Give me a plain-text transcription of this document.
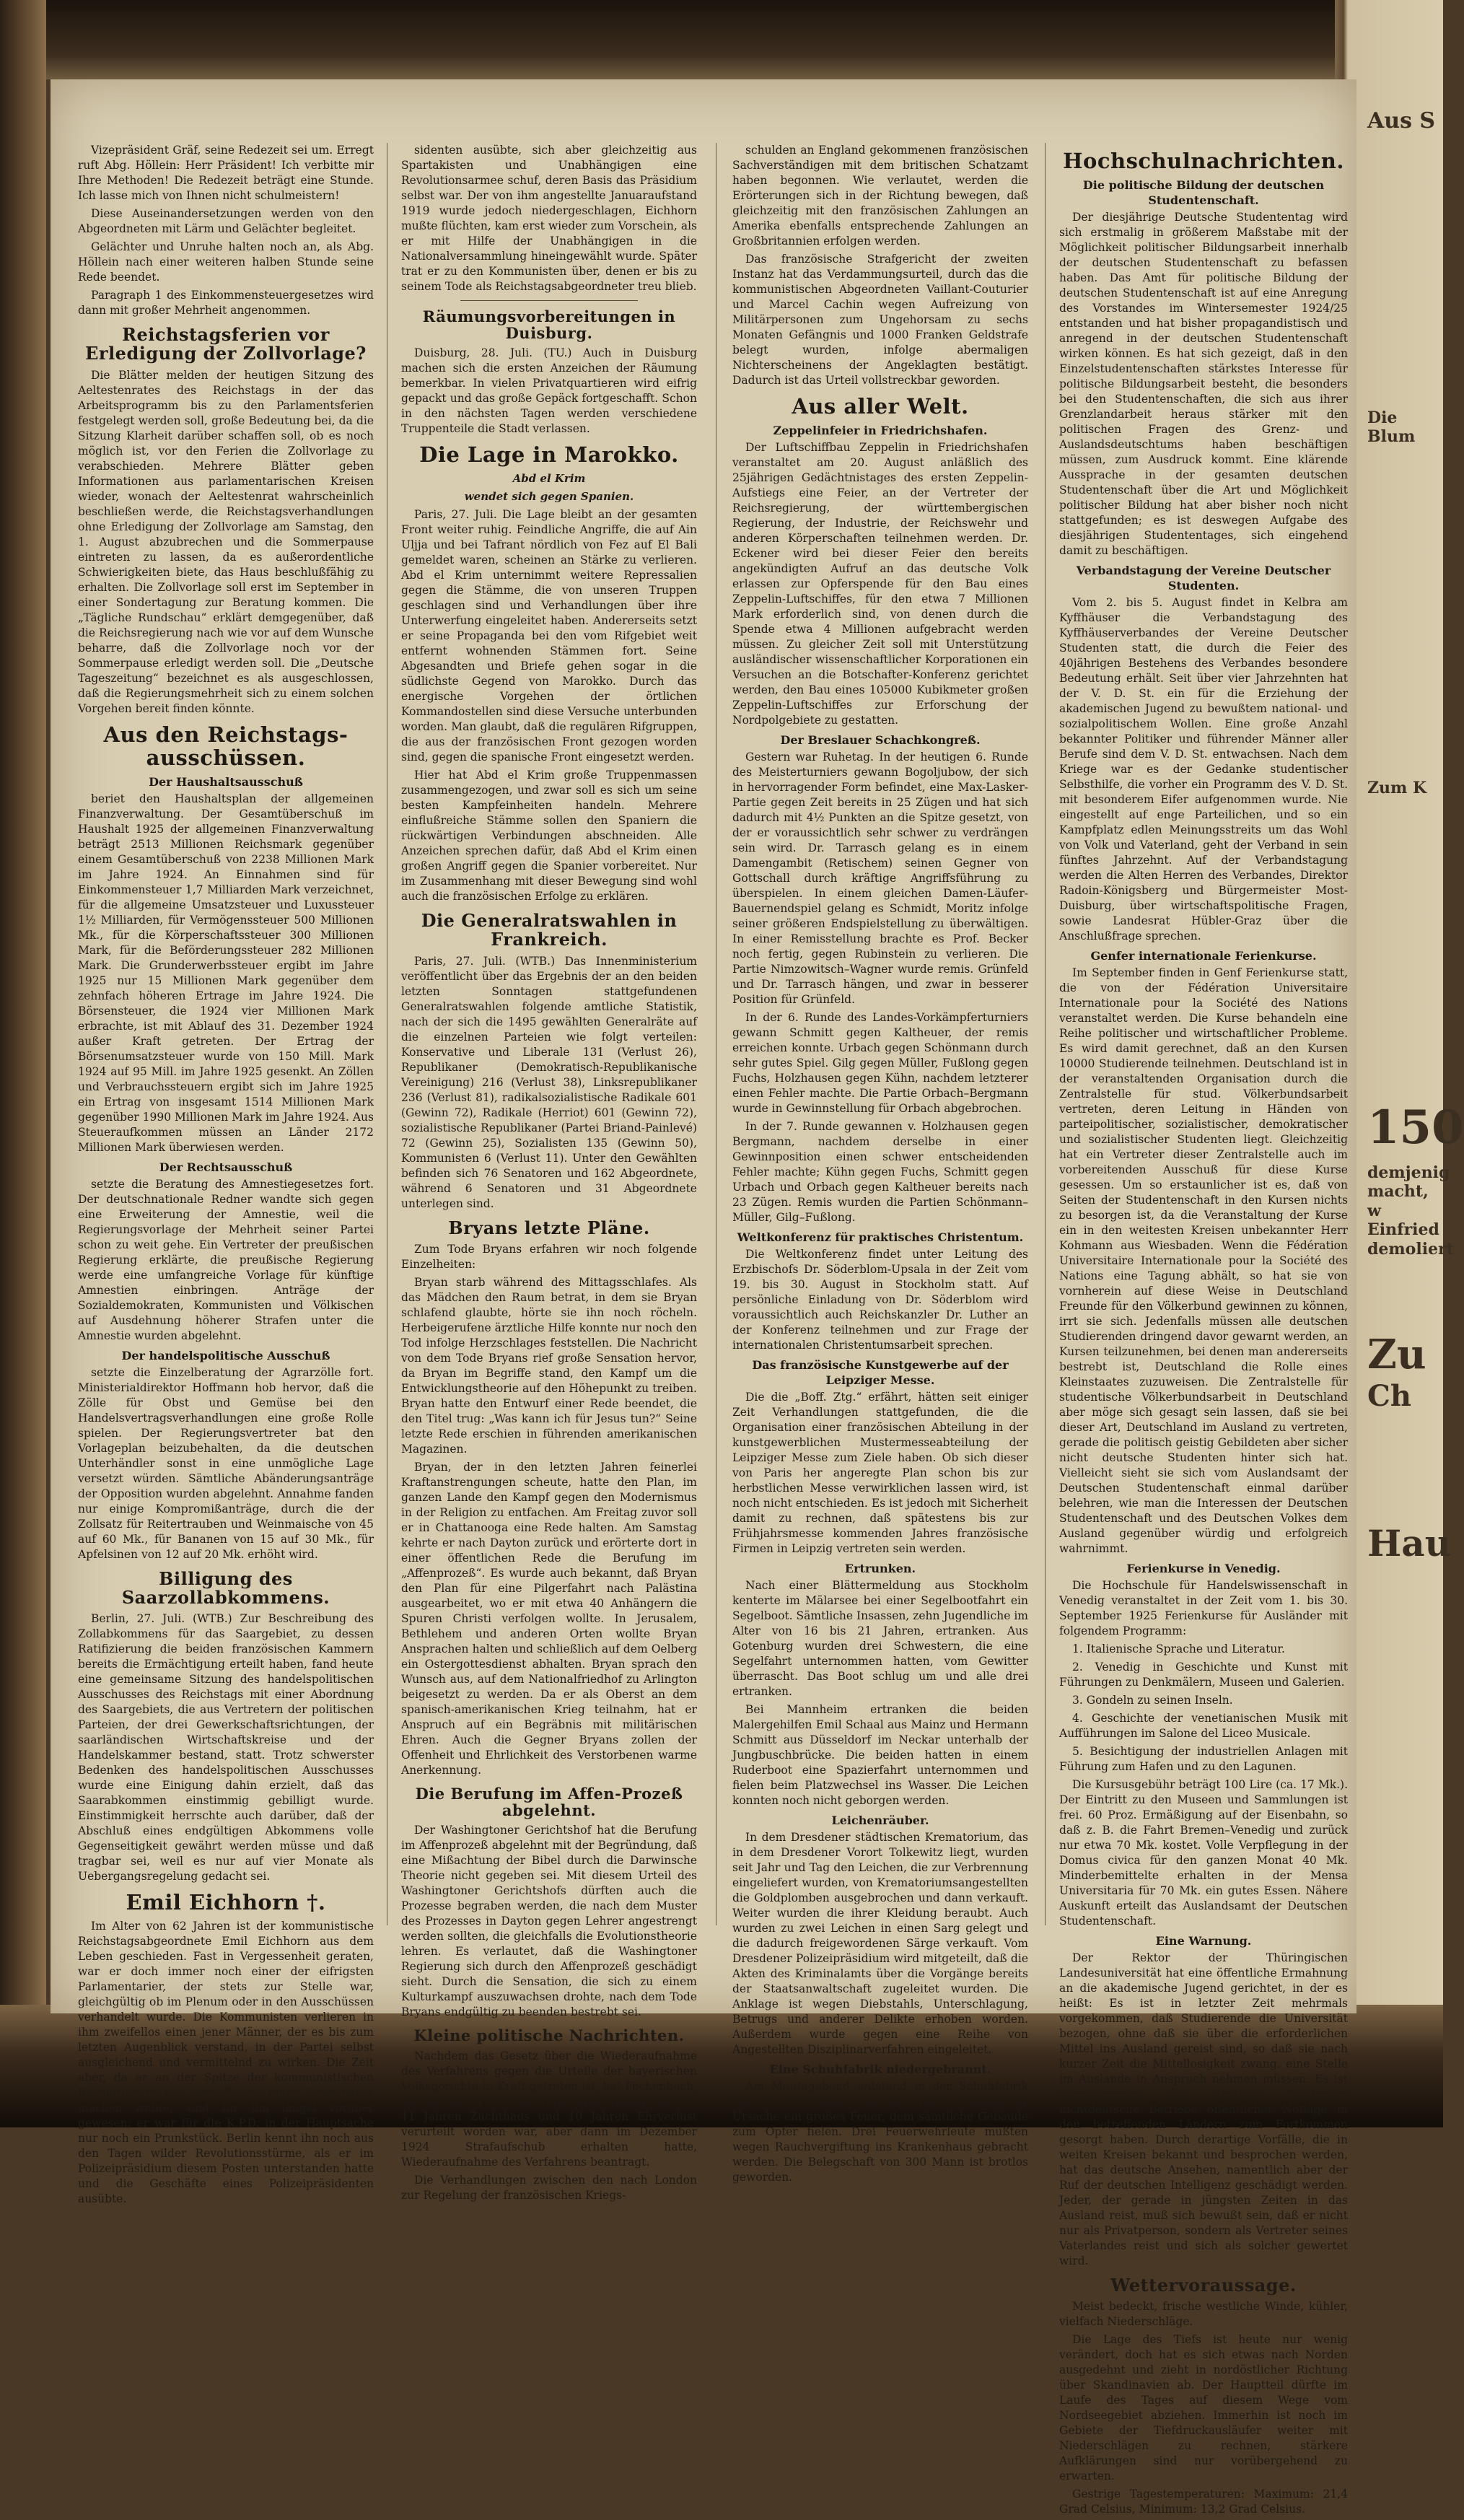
Vizepräsident Gräf, seine Redezeit sei um. Erregt ruft Abg. Höllein: Herr Präsident! Ich verbitte mir Ihre Methoden! Die Redezeit beträgt eine Stunde. Ich lasse mich von Ihnen nicht schulmeistern!

Diese Auseinandersetzungen werden von den Abgeordneten mit Lärm und Gelächter begleitet.

Gelächter und Unruhe halten noch an, als Abg. Höllein nach einer weiteren halben Stunde seine Rede beendet.

Paragraph 1 des Einkommensteuergesetzes wird dann mit großer Mehrheit angenommen.

Reichstagsferien vor Erledigung der Zollvorlage?

Die Blätter melden der heutigen Sitzung des Aeltestenrates des Reichstags in der das Arbeitsprogramm bis zu den Parlamentsferien festgelegt werden soll, große Bedeutung bei, da die Sitzung Klarheit darüber schaffen soll, ob es noch möglich ist, vor den Ferien die Zollvorlage zu verabschieden. Mehrere Blätter geben Informationen aus parlamentarischen Kreisen wieder, wonach der Aeltestenrat wahrscheinlich beschließen werde, die Reichstagsverhandlungen ohne Erledigung der Zollvorlage am Samstag, den 1. August abzubrechen und die Sommerpause eintreten zu lassen, da es außerordentliche Schwierigkeiten biete, das Haus beschlußfähig zu erhalten. Die Zollvorlage soll erst im September in einer Sondertagung zur Beratung kommen. Die „Tägliche Rundschau“ erklärt demgegenüber, daß die Reichsregierung nach wie vor auf dem Wunsche beharre, daß die Zollvorlage noch vor der Sommerpause erledigt werden soll. Die „Deutsche Tageszeitung“ bezeichnet es als ausgeschlossen, daß die Regierungsmehrheit sich zu einem solchen Vorgehen bereit finden könnte.

Aus den Reichstags-ausschüssen.
Der Haushaltsausschuß

beriet den Haushaltsplan der allgemeinen Finanzverwaltung. Der Gesamtüberschuß im Haushalt 1925 der allgemeinen Finanzverwaltung beträgt 2513 Millionen Reichsmark gegenüber einem Gesamtüberschuß von 2238 Millionen Mark im Jahre 1924. An Einnahmen sind für Einkommensteuer 1,7 Milliarden Mark verzeichnet, für die allgemeine Umsatzsteuer und Luxussteuer 1½ Milliarden, für Vermögenssteuer 500 Millionen Mk., für die Körperschaftssteuer 300 Millionen Mark, für die Beförderungssteuer 282 Millionen Mark. Die Grunderwerbssteuer ergibt im Jahre 1925 nur 15 Millionen Mark gegenüber dem zehnfach höheren Ertrage im Jahre 1924. Die Börsensteuer, die 1924 vier Millionen Mark erbrachte, ist mit Ablauf des 31. Dezember 1924 außer Kraft getreten. Der Ertrag der Börsenumsatzsteuer wurde von 150 Mill. Mark 1924 auf 95 Mill. im Jahre 1925 gesenkt. An Zöllen und Verbrauchssteuern ergibt sich im Jahre 1925 ein Ertrag von insgesamt 1514 Millionen Mark gegenüber 1990 Millionen Mark im Jahre 1924. Aus Steueraufkommen müssen an Länder 2172 Millionen Mark überwiesen werden.

Der Rechtsausschuß

setzte die Beratung des Amnestiegesetzes fort. Der deutschnationale Redner wandte sich gegen eine Erweiterung der Amnestie, weil die Regierungsvorlage der Mehrheit seiner Partei schon zu weit gehe. Ein Vertreter der preußischen Regierung erklärte, die preußische Regierung werde eine umfangreiche Vorlage für künftige Amnestien einbringen. Anträge der Sozialdemokraten, Kommunisten und Völkischen auf Ausdehnung höherer Strafen unter die Amnestie wurden abgelehnt.

Der handelspolitische Ausschuß

setzte die Einzelberatung der Agrarzölle fort. Ministerialdirektor Hoffmann hob hervor, daß die Zölle für Obst und Gemüse bei den Handelsvertragsverhandlungen eine große Rolle spielen. Der Regierungsvertreter bat den Vorlageplan beizubehalten, da die deutschen Unterhändler sonst in eine unmögliche Lage versetzt würden. Sämtliche Abänderungsanträge der Opposition wurden abgelehnt. Annahme fanden nur einige Kompromißanträge, durch die der Zollsatz für Reitertrauben und Weinmaische von 45 auf 60 Mk., für Bananen von 15 auf 30 Mk., für Apfelsinen von 12 auf 20 Mk. erhöht wird.

Billigung des Saarzollabkommens.

Berlin, 27. Juli. (WTB.) Zur Beschreibung des Zollabkommens für das Saargebiet, zu dessen Ratifizierung die beiden französischen Kammern bereits die Ermächtigung erteilt haben, fand heute eine gemeinsame Sitzung des handelspolitischen Ausschusses des Reichstags mit einer Abordnung des Saargebiets, die aus Vertretern der politischen Parteien, der drei Gewerkschaftsrichtungen, der saarländischen Wirtschaftskreise und der Handelskammer bestand, statt. Trotz schwerster Bedenken des handelspolitischen Ausschusses wurde eine Einigung dahin erzielt, daß das Saarabkommen einstimmig gebilligt wurde. Einstimmigkeit herrschte auch darüber, daß der Abschluß eines endgültigen Abkommens volle Gegenseitigkeit gewährt werden müsse und daß tragbar sei, weil es nur auf vier Monate als Uebergangsregelung gedacht sei.

Emil Eichhorn †.

Im Alter von 62 Jahren ist der kommunistische Reichstagsabgeordnete Emil Eichhorn aus dem Leben geschieden. Fast in Vergessenheit geraten, war er doch immer noch einer der eifrigsten Parlamentarier, der stets zur Stelle war, gleichgültig ob im Plenum oder in den Ausschüssen verhandelt wurde. Die Kommunisten verlieren in ihm zweifellos einen jener Männer, der es bis zum letzten Augenblick verstand, in der Partei selbst ausgleichend und vermittelnd zu wirken. Die Zeit aber, da er an der Spitze der kommunistischen Revolutionäre aus dem Reiche einen Sowjetstaat machen wollte, sind für ihn längst vorüber gewesen; er war für die K.P.D. in der Hauptsache nur noch ein Prunkstück. Berlin kennt ihn noch aus den Tagen wilder Revolutionsstürme, als er im Polizeipräsidium diesem Posten unterstanden hatte und die Geschäfte eines Polizeipräsidenten ausübte.

sidenten ausübte, sich aber gleichzeitig aus Spartakisten und Unabhängigen eine Revolutionsarmee schuf, deren Basis das Präsidium selbst war. Der von ihm angestellte Januaraufstand 1919 wurde jedoch niedergeschlagen, Eichhorn mußte flüchten, kam erst wieder zum Vorschein, als er mit Hilfe der Unabhängigen in die Nationalversammlung hineingewählt wurde. Später trat er zu den Kommunisten über, denen er bis zu seinem Tode als Reichstagsabgeordneter treu blieb.

Räumungsvorbereitungen in Duisburg.

Duisburg, 28. Juli. (TU.) Auch in Duisburg machen sich die ersten Anzeichen der Räumung bemerkbar. In vielen Privatquartieren wird eifrig gepackt und das große Gepäck fortgeschafft. Schon in den nächsten Tagen werden verschiedene Truppenteile die Stadt verlassen.

Die Lage in Marokko.
Abd el Krim
wendet sich gegen Spanien.

Paris, 27. Juli. Die Lage bleibt an der gesamten Front weiter ruhig. Feindliche Angriffe, die auf Ain Uljja und bei Tafrant nördlich von Fez auf El Bali gemeldet waren, scheinen an Stärke zu verlieren. Abd el Krim unternimmt weitere Repressalien gegen die Stämme, die von unseren Truppen geschlagen sind und Verhandlungen über ihre Unterwerfung eingeleitet haben. Andererseits setzt er seine Propaganda bei den vom Rifgebiet weit entfernt wohnenden Stämmen fort. Seine Abgesandten und Briefe gehen sogar in die südlichste Gegend von Marokko. Durch das energische Vorgehen der örtlichen Kommandostellen sind diese Versuche unterbunden worden. Man glaubt, daß die regulären Rifgruppen, die aus der französischen Front gezogen worden sind, gegen die spanische Front eingesetzt werden.

Hier hat Abd el Krim große Truppenmassen zusammengezogen, und zwar soll es sich um seine besten Kampfeinheiten handeln. Mehrere einflußreiche Stämme sollen den Spaniern die rückwärtigen Verbindungen abschneiden. Alle Anzeichen sprechen dafür, daß Abd el Krim einen großen Angriff gegen die Spanier vorbereitet. Nur im Zusammenhang mit dieser Bewegung sind wohl auch die französischen Erfolge zu erklären.

Die Generalratswahlen in Frankreich.

Paris, 27. Juli. (WTB.) Das Innenministerium veröffentlicht über das Ergebnis der an den beiden letzten Sonntagen stattgefundenen Generalratswahlen folgende amtliche Statistik, nach der sich die 1495 gewählten Generalräte auf die einzelnen Parteien wie folgt verteilen: Konservative und Liberale 131 (Verlust 26), Republikaner (Demokratisch-Republikanische Vereinigung) 216 (Verlust 38), Linksrepublikaner 236 (Verlust 81), radikalsozialistische Radikale 601 (Gewinn 72), Radikale (Herriot) 601 (Gewinn 72), sozialistische Republikaner (Partei Briand-Painlevé) 72 (Gewinn 25), Sozialisten 135 (Gewinn 50), Kommunisten 6 (Verlust 11). Unter den Gewählten befinden sich 76 Senatoren und 162 Abgeordnete, während 6 Senatoren und 31 Abgeordnete unterlegen sind.

Bryans letzte Pläne.

Zum Tode Bryans erfahren wir noch folgende Einzelheiten:

Bryan starb während des Mittagsschlafes. Als das Mädchen den Raum betrat, in dem sie Bryan schlafend glaubte, hörte sie ihn noch röcheln. Herbeigerufene ärztliche Hilfe konnte nur noch den Tod infolge Herzschlages feststellen. Die Nachricht von dem Tode Bryans rief große Sensation hervor, da Bryan im Begriffe stand, den Kampf um die Entwicklungstheorie auf den Höhepunkt zu treiben. Bryan hatte den Entwurf einer Rede beendet, die den Titel trug: „Was kann ich für Jesus tun?“ Seine letzte Rede erschien in führenden amerikanischen Magazinen.

Bryan, der in den letzten Jahren feinerlei Kraftanstrengungen scheute, hatte den Plan, im ganzen Lande den Kampf gegen den Modernismus in der Religion zu entfachen. Am Freitag zuvor soll er in Chattanooga eine Rede halten. Am Samstag kehrte er nach Dayton zurück und erörterte dort in einer öffentlichen Rede die Berufung im „Affenprozeß“. Es wurde auch bekannt, daß Bryan den Plan für eine Pilgerfahrt nach Palästina ausgearbeitet, wo er mit etwa 40 Anhängern die Spuren Christi verfolgen wollte. In Jerusalem, Bethlehem und anderen Orten wollte Bryan Ansprachen halten und schließlich auf dem Oelberg ein Ostergottesdienst abhalten. Bryan sprach den Wunsch aus, auf dem Nationalfriedhof zu Arlington beigesetzt zu werden. Da er als Oberst an dem spanisch-amerikanischen Krieg teilnahm, hat er Anspruch auf ein Begräbnis mit militärischen Ehren. Auch die Gegner Bryans zollen der Offenheit und Ehrlichkeit des Verstorbenen warme Anerkennung.

Die Berufung im Affen-Prozeß abgelehnt.

Der Washingtoner Gerichtshof hat die Berufung im Affenprozeß abgelehnt mit der Begründung, daß eine Mißachtung der Bibel durch die Darwinsche Theorie nicht gegeben sei. Mit diesem Urteil des Washingtoner Gerichtshofs dürften auch die Prozesse begraben werden, die nach dem Muster des Prozesses in Dayton gegen Lehrer angestrengt werden sollten, die gleichfalls die Evolutionstheorie lehren. Es verlautet, daß die Washingtoner Regierung sich durch den Affenprozeß geschädigt sieht. Durch die Sensation, die sich zu einem Kulturkampf auszuwachsen drohte, nach dem Tode Bryans endgültig zu beenden bestrebt sei.

Kleine politische Nachrichten.

Nachdem das Gesetz über die Wiederaufnahme des Verfahrens gegen die Urteile der bayerischen Volksgerichte in Kraft getreten ist, hat Fechenbach, der Oktober 1922 vom Münchener Volksgericht zu 11 Jahren Zuchthaus und 10 Jahren Ehrverlust verurteilt worden war, aber dann im Dezember 1924 Strafaufschub erhalten hatte, Wiederaufnahme des Verfahrens beantragt.

Die Verhandlungen zwischen den nach London zur Regelung der französischen Kriegs-

schulden an England gekommenen französischen Sachverständigen mit dem britischen Schatzamt haben begonnen. Wie verlautet, werden die Erörterungen sich in der Richtung bewegen, daß gleichzeitig mit den französischen Zahlungen an Amerika ebenfalls entsprechende Zahlungen an Großbritannien erfolgen werden.

Das französische Strafgericht der zweiten Instanz hat das Verdammungsurteil, durch das die kommunistischen Abgeordneten Vaillant-Couturier und Marcel Cachin wegen Aufreizung von Militärpersonen zum Ungehorsam zu sechs Monaten Gefängnis und 1000 Franken Geldstrafe belegt wurden, infolge abermaligen Nichterscheinens der Angeklagten bestätigt. Dadurch ist das Urteil vollstreckbar geworden.

Aus aller Welt.
Zeppelinfeier in Friedrichshafen.

Der Luftschiffbau Zeppelin in Friedrichshafen veranstaltet am 20. August anläßlich des 25jährigen Gedächtnistages des ersten Zeppelin-Aufstiegs eine Feier, an der Vertreter der Reichsregierung, der württembergischen Regierung, der Industrie, der Reichswehr und anderen Körperschaften teilnehmen werden. Dr. Eckener wird bei dieser Feier den bereits angekündigten Aufruf an das deutsche Volk erlassen zur Opferspende für den Bau eines Zeppelin-Luftschiffes, für den etwa 7 Millionen Mark erforderlich sind, von denen durch die Spende etwa 4 Millionen aufgebracht werden müssen. Zu gleicher Zeit soll mit Unterstützung ausländischer wissenschaftlicher Korporationen ein Versuchen an die Botschafter-Konferenz gerichtet werden, den Bau eines 105000 Kubikmeter großen Zeppelin-Luftschiffes zur Erforschung der Nordpolgebiete zu gestatten.

Der Breslauer Schachkongreß.

Gestern war Ruhetag. In der heutigen 6. Runde des Meisterturniers gewann Bogoljubow, der sich in hervorragender Form befindet, eine Max-Lasker-Partie gegen Zeit bereits in 25 Zügen und hat sich dadurch mit 4½ Punkten an die Spitze gesetzt, von der er voraussichtlich sehr schwer zu verdrängen sein wird. Dr. Tarrasch gelang es in einem Damengambit (Retischem) seinen Gegner von Gottschall durch kräftige Angriffsführung zu überspielen. In einem gleichen Damen-Läufer-Bauernendspiel gelang es Schmidt, Moritz infolge seiner größeren Endspielstellung zu überwältigen. In einer Remisstellung brachte es Prof. Becker noch fertig, gegen Rubinstein zu verlieren. Die Partie Nimzowitsch–Wagner wurde remis. Grünfeld und Dr. Tarrasch hängen, und zwar in besserer Position für Grünfeld.

In der 6. Runde des Landes-Vorkämpferturniers gewann Schmitt gegen Kaltheuer, der remis erreichen konnte. Urbach gegen Schönmann durch sehr gutes Spiel. Gilg gegen Müller, Fußlong gegen Fuchs, Holzhausen gegen Kühn, nachdem letzterer einen Fehler machte. Die Partie Orbach–Bergmann wurde in Gewinnstellung für Orbach abgebrochen.

In der 7. Runde gewannen v. Holzhausen gegen Bergmann, nachdem derselbe in einer Gewinnposition einen schwer entscheidenden Fehler machte; Kühn gegen Fuchs, Schmitt gegen Urbach und Orbach gegen Kaltheuer bereits nach 23 Zügen. Remis wurden die Partien Schönmann–Müller, Gilg–Fußlong.

Weltkonferenz für praktisches Christentum.

Die Weltkonferenz findet unter Leitung des Erzbischofs Dr. Söderblom-Upsala in der Zeit vom 19. bis 30. August in Stockholm statt. Auf persönliche Einladung von Dr. Söderblom wird voraussichtlich auch Reichskanzler Dr. Luther an der Konferenz teilnehmen und zur Frage der internationalen Christentumsarbeit sprechen.

Das französische Kunstgewerbe auf der Leipziger Messe.

Die die „Boff. Ztg.“ erfährt, hätten seit einiger Zeit Verhandlungen stattgefunden, die die Organisation einer französischen Abteilung in der kunstgewerblichen Mustermesseabteilung der Leipziger Messe zum Ziele haben. Ob sich dieser von Paris her angeregte Plan schon bis zur herbstlichen Messe verwirklichen lassen wird, ist noch nicht entschieden. Es ist jedoch mit Sicherheit damit zu rechnen, daß spätestens bis zur Frühjahrsmesse kommenden Jahres französische Firmen in Leipzig vertreten sein werden.

Ertrunken.

Nach einer Blättermeldung aus Stockholm kenterte im Mälarsee bei einer Segelbootfahrt ein Segelboot. Sämtliche Insassen, zehn Jugendliche im Alter von 16 bis 21 Jahren, ertranken. Aus Gotenburg wurden drei Schwestern, die eine Segelfahrt unternommen hatten, vom Gewitter überrascht. Das Boot schlug um und alle drei ertranken.

Bei Mannheim ertranken die beiden Malergehilfen Emil Schaal aus Mainz und Hermann Schmitt aus Düsseldorf im Neckar unterhalb der Jungbuschbrücke. Die beiden hatten in einem Ruderboot eine Spazierfahrt unternommen und fielen beim Platzwechsel ins Wasser. Die Leichen konnten noch nicht geborgen werden.

Leichenräuber.

In dem Dresdener städtischen Krematorium, das in dem Dresdener Vorort Tolkewitz liegt, wurden seit Jahr und Tag den Leichen, die zur Verbrennung eingeliefert wurden, von Krematoriumsangestellten die Goldplomben ausgebrochen und dann verkauft. Weiter wurden die ihrer Kleidung beraubt. Auch wurden zu zwei Leichen in einen Sarg gelegt und die dadurch freigewordenen Särge verkauft. Vom Dresdener Polizeipräsidium wird mitgeteilt, daß die Akten des Kriminalamts über die Vorgänge bereits der Staatsanwaltschaft zugeleitet wurden. Die Anklage ist wegen Diebstahls, Unterschlagung, Betrugs und anderer Delikte erhoben worden. Außerdem wurde gegen eine Reihe von Angestellten Disziplinarverfahren eingeleitet.

Eine Schuhfabrik niedergebrannt.

Am Montagabend entstand in der Schuhfabrik Ohr in Pirmasens aus bis jetzt unbekannter Ursache ein großes Feuer, dem sämtliche Gebäude zum Opfer fielen. Drei Feuerwehrleute mußten wegen Rauchvergiftung ins Krankenhaus gebracht werden. Die Belegschaft von 300 Mann ist brotlos geworden.

Hochschulnachrichten.
Die politische Bildung der deutschen Studentenschaft.

Der diesjährige Deutsche Studententag wird sich erstmalig in größerem Maßstabe mit der Möglichkeit politischer Bildungsarbeit innerhalb der deutschen Studentenschaft zu befassen haben. Das Amt für politische Bildung der deutschen Studentenschaft ist auf eine Anregung des Vorstandes im Wintersemester 1924/25 entstanden und hat bisher propagandistisch und anregend in der deutschen Studentenschaft wirken können. Es hat sich gezeigt, daß in den Einzelstudentenschaften stärkstes Interesse für politische Bildungsarbeit besteht, die besonders bei den Studentenschaften, die sich aus ihrer Grenzlandarbeit heraus stärker mit den politischen Fragen des Grenz- und Auslandsdeutschtums haben beschäftigen müssen, zum Ausdruck kommt. Eine klärende Aussprache in der gesamten deutschen Studentenschaft über die Art und Möglichkeit politischer Bildung hat aber bisher noch nicht stattgefunden; es ist deswegen Aufgabe des diesjährigen Studententages, sich eingehend damit zu beschäftigen.

Verbandstagung der Vereine Deutscher Studenten.

Vom 2. bis 5. August findet in Kelbra am Kyffhäuser die Verbandstagung des Kyffhäuserverbandes der Vereine Deutscher Studenten statt, die durch die Feier des 40jährigen Bestehens des Verbandes besondere Bedeutung erhält. Seit über vier Jahrzehnten hat der V. D. St. ein für die Erziehung der akademischen Jugend zu bewußtem national- und sozialpolitischem Wollen. Eine große Anzahl bekannter Politiker und führender Männer aller Berufe sind dem V. D. St. entwachsen. Nach dem Kriege war es der Gedanke studentischer Selbsthilfe, die vorher ein Programm des V. D. St. mit besonderem Eifer aufgenommen wurde. Nie eingestellt auf enge Parteilichen, und so ein Kampfplatz edlen Meinungsstreits um das Wohl von Volk und Vaterland, geht der Verband in sein fünftes Jahrzehnt. Auf der Verbandstagung werden die Alten Herren des Verbandes, Direktor Radoin-Königsberg und Bürgermeister Most-Duisburg, über wirtschaftspolitische Fragen, sowie Landesrat Hübler-Graz über die Anschlußfrage sprechen.

Genfer internationale Ferienkurse.

Im September finden in Genf Ferienkurse statt, die von der Fédération Universitaire Internationale pour la Société des Nations veranstaltet werden. Die Kurse behandeln eine Reihe politischer und wirtschaftlicher Probleme. Es wird damit gerechnet, daß an den Kursen 10000 Studierende teilnehmen. Deutschland ist in der veranstaltenden Organisation durch die Zentralstelle für stud. Völkerbundsarbeit vertreten, deren Leitung in Händen von parteipolitischer, sozialistischer, demokratischer und sozialistischer Studenten liegt. Gleichzeitig hat ein Vertreter dieser Zentralstelle auch im vorbereitenden Ausschuß für diese Kurse gesessen. Um so erstaunlicher ist es, daß von Seiten der Studentenschaft in den Kursen nichts zu besorgen ist, da die Veranstaltung der Kurse ein in den weitesten Kreisen unbekannter Herr Kohmann aus Wiesbaden. Wenn die Fédération Universitaire Internationale pour la Société des Nations eine Tagung abhält, so hat sie von vornherein auf diese Weise in Deutschland Freunde für den Völkerbund gewinnen zu können, irrt sie sich. Jedenfalls müssen alle deutschen Studierenden dringend davor gewarnt werden, an Kursen teilzunehmen, bei denen man andererseits bestrebt ist, Deutschland die Rolle eines Kleinstaates zuzuweisen. Die Zentralstelle für studentische Völkerbundsarbeit in Deutschland aber möge sich gesagt sein lassen, daß sie bei dieser Art, Deutschland im Ausland zu vertreten, gerade die politisch geistig Gebildeten aber sicher nicht deutsche Studenten hinter sich hat. Vielleicht sieht sie sich vom Auslandsamt der Deutschen Studentenschaft einmal darüber belehren, wie man die Interessen der Deutschen Studentenschaft und des Deutschen Volkes dem Ausland gegenüber würdig und erfolgreich wahrnimmt.

Ferienkurse in Venedig.

Die Hochschule für Handelswissenschaft in Venedig veranstaltet in der Zeit vom 1. bis 30. September 1925 Ferienkurse für Ausländer mit folgendem Programm:

1. Italienische Sprache und Literatur.

2. Venedig in Geschichte und Kunst mit Führungen zu Denkmälern, Museen und Galerien.

3. Gondeln zu seinen Inseln.

4. Geschichte der venetianischen Musik mit Aufführungen im Salone del Liceo Musicale.

5. Besichtigung der industriellen Anlagen mit Führung zum Hafen und zu den Lagunen.

Die Kursusgebühr beträgt 100 Lire (ca. 17 Mk.). Der Eintritt zu den Museen und Sammlungen ist frei. 60 Proz. Ermäßigung auf der Eisenbahn, so daß z. B. die Fahrt Bremen–Venedig und zurück nur etwa 70 Mk. kostet. Volle Verpflegung in der Domus civica für den ganzen Monat 40 Mk. Minderbemittelte erhalten in der Mensa Universitaria für 70 Mk. ein gutes Essen. Nähere Auskunft erteilt das Auslandsamt der Deutschen Studentenschaft.

Eine Warnung.

Der Rektor der Thüringischen Landesuniversität hat eine öffentliche Ermahnung an die akademische Jugend gerichtet, in der es heißt: Es ist in letzter Zeit mehrmals vorgekommen, daß Studierende die Universität bezogen, ohne daß sie über die erforderlichen Mittel ins Ausland gereist sind, so daß sie nach kurzer Zeit die Mittellosigkeit zwang, eine Stelle im Auslande in Anspruch nehmen müssen. Es ist vorgekommen, daß deutsche Studenten nichtdeutsche Betriebe öffentlicher Notlage in den betreffenden Ländern zum Fortkommen gesorgt haben. Durch derartige Vorfälle, die in weiten Kreisen bekannt und besprochen werden, hat das deutsche Ansehen, namentlich aber der Ruf der deutschen Intelligenz geschädigt werden. Jeder, der gerade in jüngsten Zeiten in das Ausland reist, muß sich bewußt sein, daß er nicht nur als Privatperson, sondern als Vertreter seines Vaterlandes reist und sich als solcher gewertet wird.

Wettervoraussage.

Meist bedeckt, frische westliche Winde, kühler, vielfach Niederschläge.

Die Lage des Tiefs ist heute nur wenig verändert, doch hat es sich etwas nach Norden ausgedehnt und zieht in nordöstlicher Richtung über Skandinavien ab. Der Hauptteil dürfte im Laufe des Tages auf diesem Wege vom Nordseegebiet abziehen. Immerhin ist noch im Gebiete der Tiefdruckausläufer weiter mit Niederschlägen zu rechnen, stärkere Aufklärungen sind nur vorübergehend zu erwarten.

Gestrige Tagestemperaturen: Maximum: 21,4 Grad Celsius, Minimum: 13,2 Grad Celsius.

Aus S
Die Blum
Zum K
150
demjenig
macht, w
Einfried
demoliert
Zu
Ch
Hau
